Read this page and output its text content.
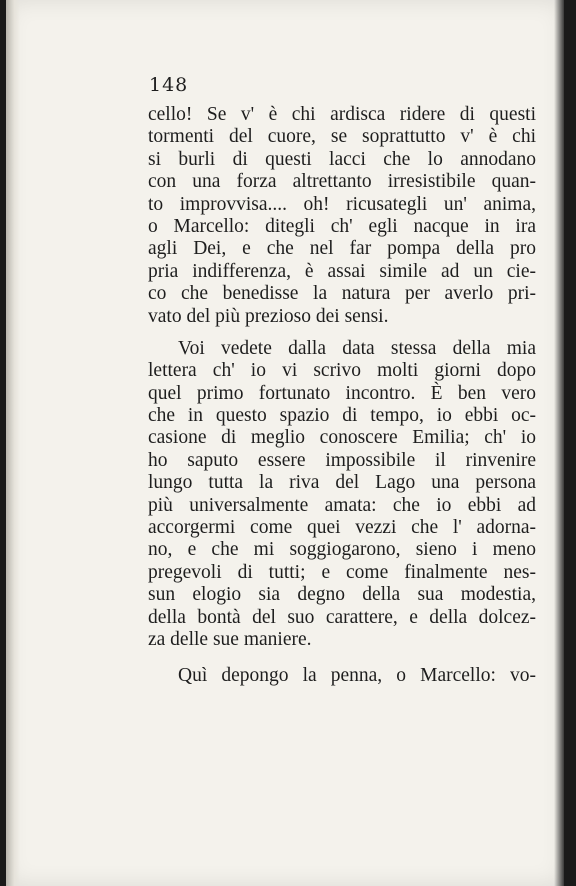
148
cello! Se v' è chi ardisca ridere di questi
tormenti del cuore, se soprattutto v' è chi
si burli di questi lacci che lo annodano
con una forza altrettanto irresistibile quan-
to improvvisa.... oh! ricusategli un' anima,
o Marcello: ditegli ch' egli nacque in ira
agli Dei, e che nel far pompa della pro
pria indifferenza, è assai simile ad un cie-
co che benedisse la natura per averlo pri-
vato del più prezioso dei sensi.
Voi vedete dalla data stessa della mia
lettera ch' io vi scrivo molti giorni dopo
quel primo fortunato incontro. È ben vero
che in questo spazio di tempo, io ebbi oc-
casione di meglio conoscere Emilia; ch' io
ho saputo essere impossibile il rinvenire
lungo tutta la riva del Lago una persona
più universalmente amata: che io ebbi ad
accorgermi come quei vezzi che l' adorna-
no, e che mi soggiogarono, sieno i meno
pregevoli di tutti; e come finalmente nes-
sun elogio sia degno della sua modestia,
della bontà del suo carattere, e della dolcez-
za delle sue maniere.
Quì depongo la penna, o Marcello: vo-
